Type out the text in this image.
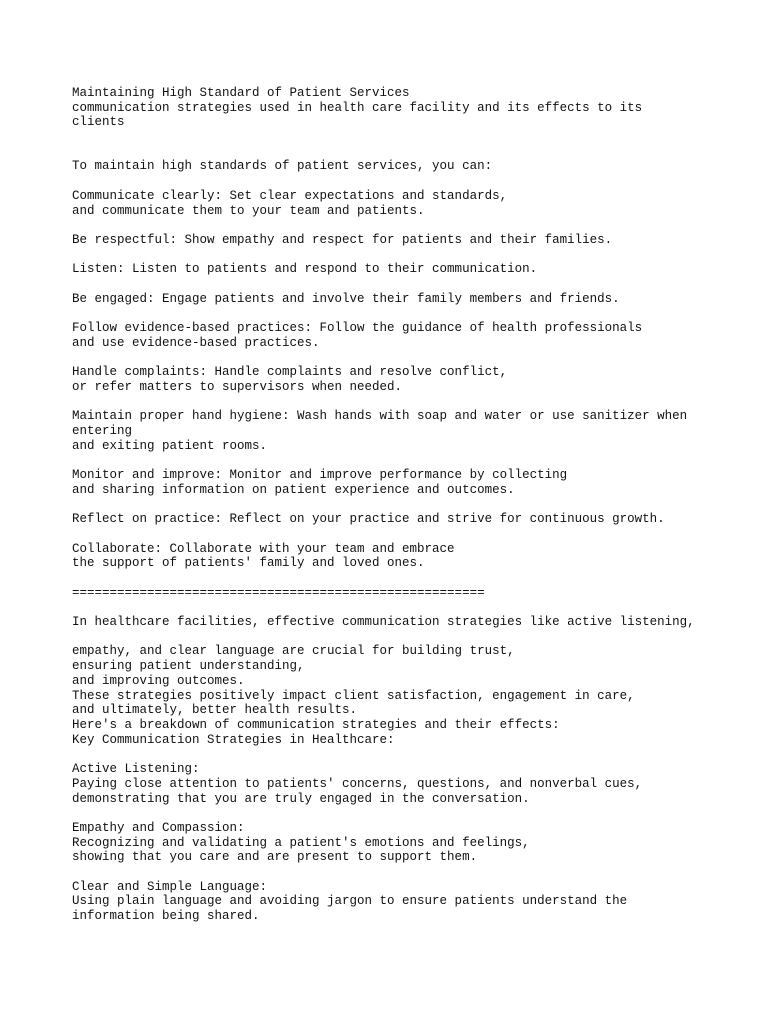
Maintaining High Standard of Patient Services
communication strategies used in health care facility and its effects to its
clients
To maintain high standards of patient services, you can:
Communicate clearly: Set clear expectations and standards,
and communicate them to your team and patients.
Be respectful: Show empathy and respect for patients and their families.
Listen: Listen to patients and respond to their communication.
Be engaged: Engage patients and involve their family members and friends.
Follow evidence-based practices: Follow the guidance of health professionals
and use evidence-based practices.
Handle complaints: Handle complaints and resolve conflict,
or refer matters to supervisors when needed.
Maintain proper hand hygiene: Wash hands with soap and water or use sanitizer when
entering
and exiting patient rooms.
Monitor and improve: Monitor and improve performance by collecting
and sharing information on patient experience and outcomes.
Reflect on practice: Reflect on your practice and strive for continuous growth.
Collaborate: Collaborate with your team and embrace
the support of patients' family and loved ones.
=======================================================
In healthcare facilities, effective communication strategies like active listening,
empathy, and clear language are crucial for building trust,
ensuring patient understanding,
and improving outcomes.
These strategies positively impact client satisfaction, engagement in care,
and ultimately, better health results.
Here's a breakdown of communication strategies and their effects:
Key Communication Strategies in Healthcare:
Active Listening:
Paying close attention to patients' concerns, questions, and nonverbal cues,
demonstrating that you are truly engaged in the conversation.
Empathy and Compassion:
Recognizing and validating a patient's emotions and feelings,
showing that you care and are present to support them.
Clear and Simple Language:
Using plain language and avoiding jargon to ensure patients understand the
information being shared.
